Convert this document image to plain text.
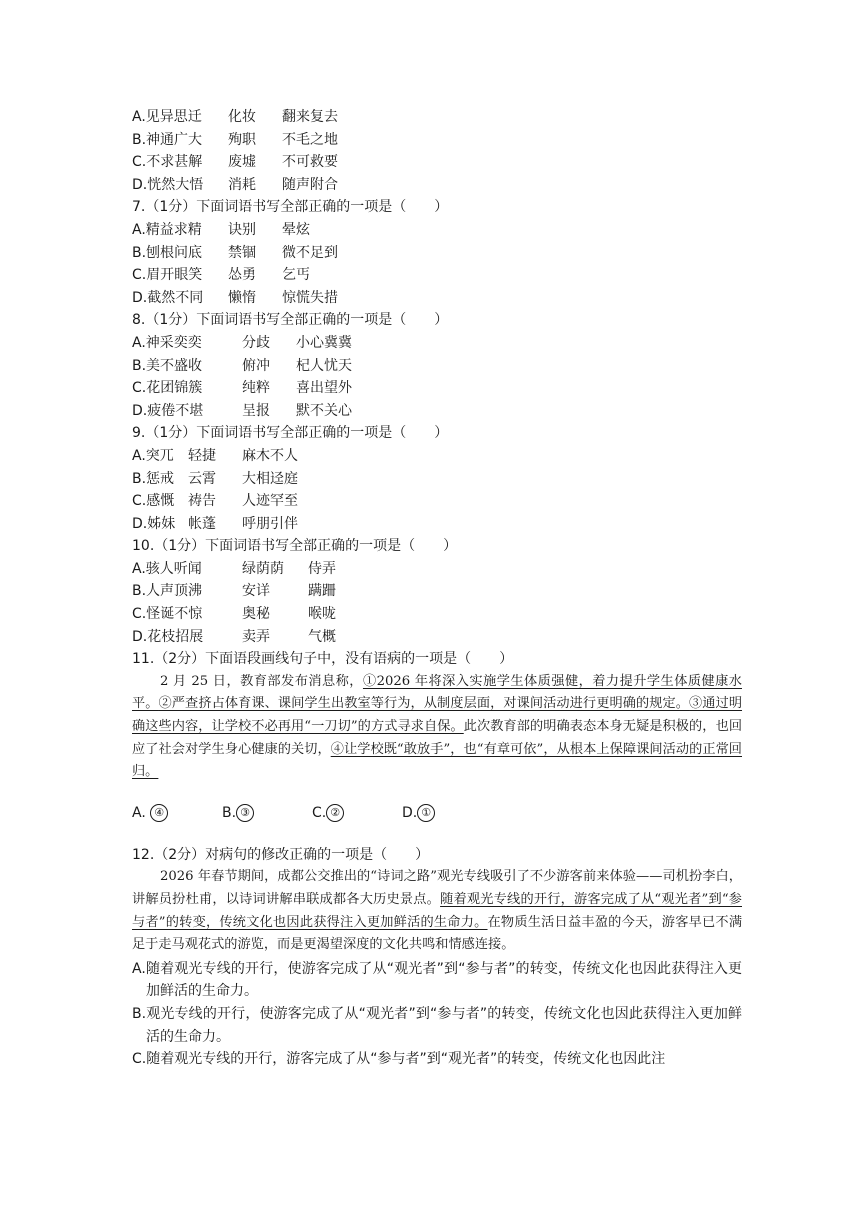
A.见异思迁 化妆 翻来复去
B.神通广大 殉职 不毛之地
C.不求甚解 废墟 不可救要
D.恍然大悟 消耗 随声附合
7.（1分）下面词语书写全部正确的一项是（　　）
A.精益求精 诀别 晕炫
B.刨根问底 禁锢 微不足到
C.眉开眼笑 怂勇 乞丐
D.截然不同 懒惰 惊慌失措
8.（1分）下面词语书写全部正确的一项是（　　）
A.神采奕奕	分歧 小心冀冀
B.美不盛收	俯冲 杞人忧天
C.花团锦簇	纯粹 喜出望外
D.疲倦不堪	呈报 默不关心
9.（1分）下面词语书写全部正确的一项是（　　）
A.突兀 轻捷 麻木不人
B.惩戒 云霄 大相迳庭
C.感慨 祷告 人迹罕至
D.姊妹 帐蓬 呼朋引伴
10.（1分）下面词语书写全部正确的一项是（　　）
A.骇人听闻	绿荫荫 侍弄
B.人声顶沸	安详	蹒跚
C.怪诞不惊	奥秘	喉咙
D.花枝招展	卖弄	气概
11.（2分）下面语段画线句子中，没有语病的一项是（　　）
2 月 25 日，教育部发布消息称，①2026 年将深入实施学生体质强健，着力提升学生体质健康水平。②严查挤占体育课、课间学生出教室等行为，从制度层面，对课间活动进行更明确的规定。③通过明确这些内容，让学校不必再用“一刀切”的方式寻求自保。此次教育部的明确表态本身无疑是积极的，也回应了社会对学生身心健康的关切，④让学校既“敢放手”，也“有章可依”，从根本上保障课间活动的正常回归。
A. ④	B. ③	C. ②	D. ①
12.（2分）对病句的修改正确的一项是（　　）
2026 年春节期间，成都公交推出的“诗词之路”观光专线吸引了不少游客前来体验——司机扮李白，讲解员扮杜甫，以诗词讲解串联成都各大历史景点。随着观光专线的开行，游客完成了从“观光者”到“参与者”的转变，传统文化也因此获得注入更加鲜活的生命力。在物质生活日益丰盈的今天，游客早已不满足于走马观花式的游览，而是更渴望深度的文化共鸣和情感连接。
A.随着观光专线的开行，使游客完成了从“观光者”到“参与者”的转变，传统文化也因此获得注入更加鲜活的生命力。
B.观光专线的开行，使游客完成了从“观光者”到“参与者”的转变，传统文化也因此获得注入更加鲜活的生命力。
C.随着观光专线的开行，游客完成了从“参与者”到“观光者”的转变，传统文化也因此注
